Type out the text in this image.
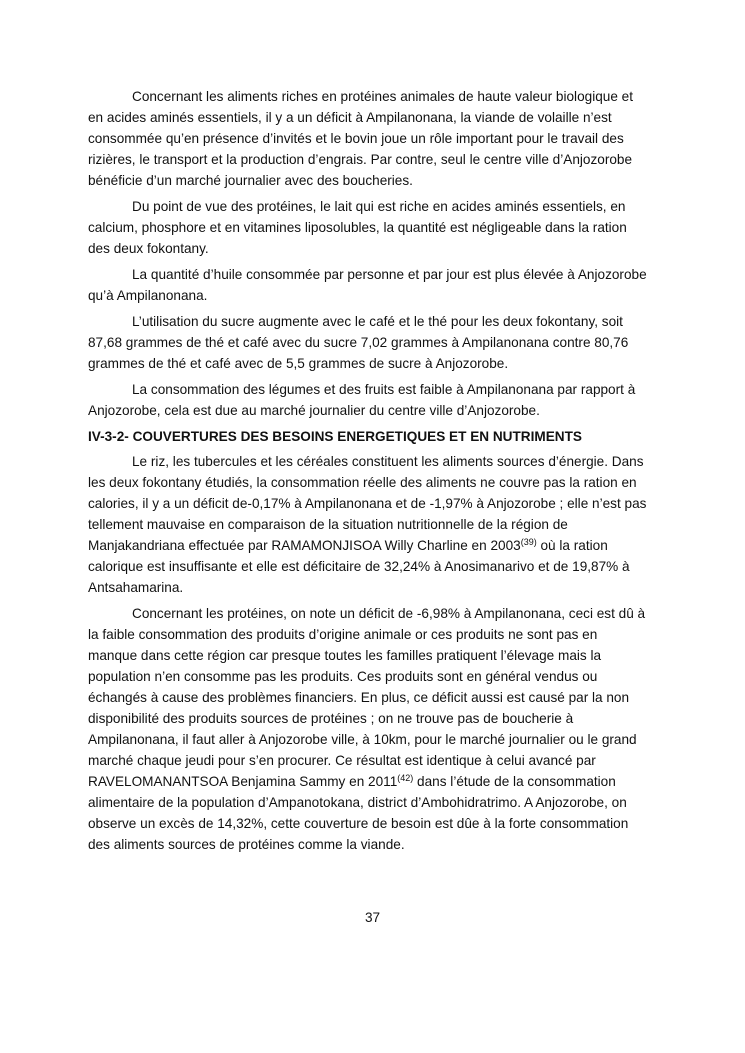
Concernant les aliments riches en protéines animales de haute valeur biologique et en acides aminés essentiels, il y a un déficit à Ampilanonana, la viande de volaille n’est consommée qu’en présence d’invités et le bovin joue un rôle important pour le travail des rizières, le transport et la production d’engrais. Par contre, seul le centre ville d’Anjozorobe bénéficie d’un marché journalier avec des boucheries.

Du point de vue des protéines, le lait qui est riche en acides aminés essentiels, en calcium, phosphore et en vitamines liposolubles, la quantité est négligeable dans la ration des deux fokontany.

La quantité d’huile consommée par personne et par jour est plus élevée à Anjozorobe qu’à Ampilanonana.

L’utilisation du sucre augmente avec le café et le thé pour les deux fokontany, soit 87,68 grammes de thé et café avec du sucre 7,02 grammes à Ampilanonana contre 80,76 grammes de thé et café avec de 5,5 grammes de sucre à Anjozorobe.

La consommation des légumes et des fruits est faible à Ampilanonana par rapport à Anjozorobe, cela est due au marché journalier du centre ville d’Anjozorobe.

IV-3-2- COUVERTURES DES BESOINS ENERGETIQUES ET EN NUTRIMENTS

Le riz, les tubercules et les céréales constituent les aliments sources d’énergie. Dans les deux fokontany étudiés, la consommation réelle des aliments ne couvre pas la ration en calories, il y a un déficit de-0,17% à Ampilanonana et de -1,97% à Anjozorobe ; elle n’est pas tellement mauvaise en comparaison de la situation nutritionnelle de la région de Manjakandriana effectuée par RAMAMONJISOA Willy Charline en 2003$^{(39)}$ où la ration calorique est insuffisante et elle est déficitaire de 32,24% à Anosimanarivo et de 19,87% à Antsahamarina.

Concernant les protéines, on note un déficit de -6,98% à Ampilanonana, ceci est dû à la faible consommation des produits d’origine animale or ces produits ne sont pas en manque dans cette région car presque toutes les familles pratiquent l’élevage mais la population n’en consomme pas les produits. Ces produits sont en général vendus ou échangés à cause des problèmes financiers. En plus, ce déficit aussi est causé par la non disponibilité des produits sources de protéines ; on ne trouve pas de boucherie à Ampilanonana, il faut aller à Anjozorobe ville, à 10km, pour le marché journalier ou le grand marché chaque jeudi pour s’en procurer. Ce résultat est identique à celui avancé par RAVELOMANANTSOA Benjamina Sammy en 2011$^{(42)}$ dans l’étude de la consommation alimentaire de la population d’Ampanotokana, district d’Ambohidratrimo. A Anjozorobe, on observe un excès de 14,32%, cette couverture de besoin est dûe à la forte consommation des aliments sources de protéines comme la viande.

37
